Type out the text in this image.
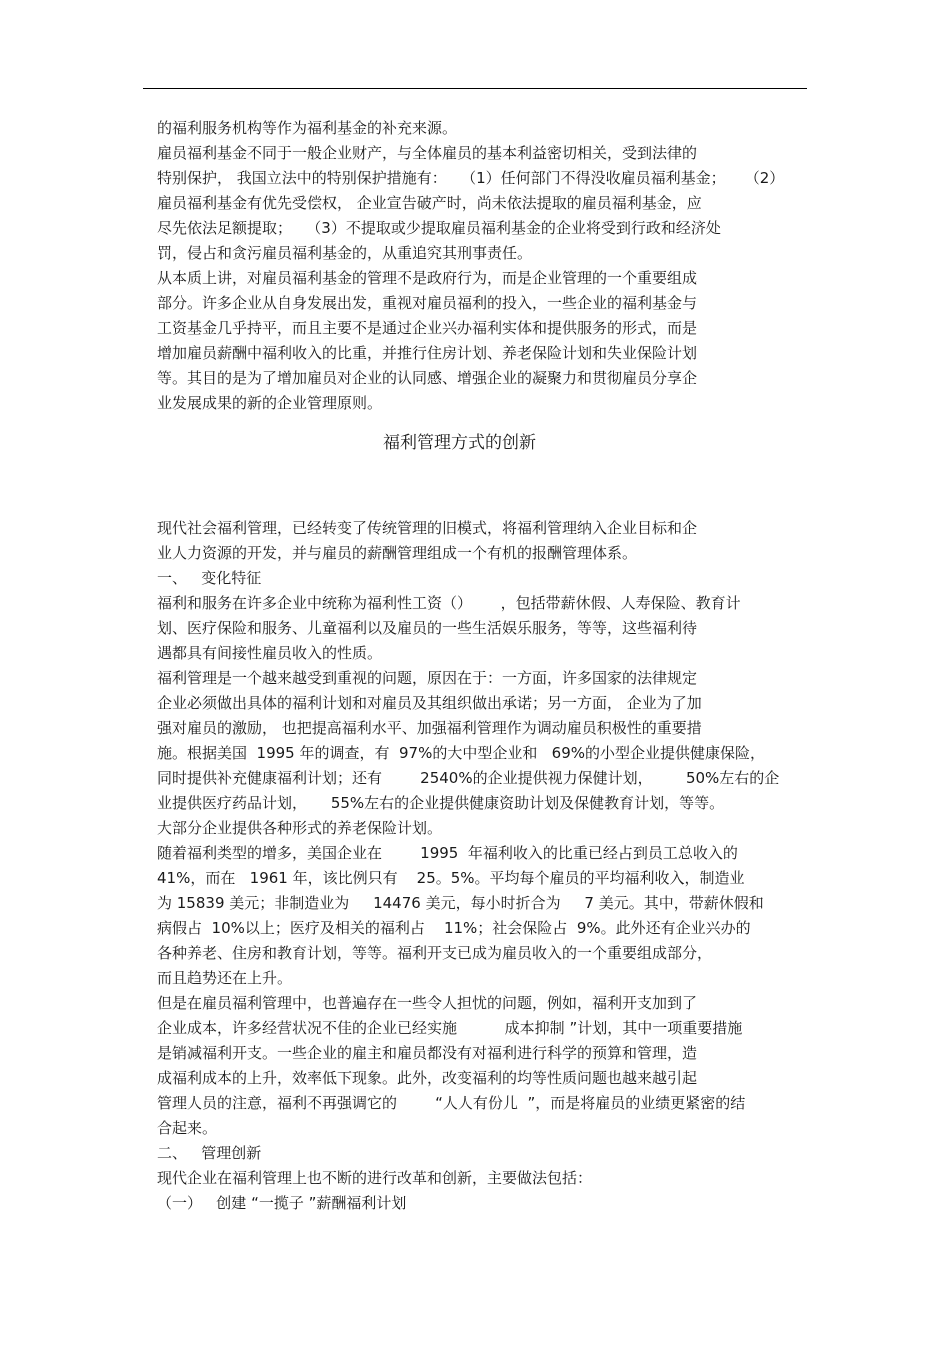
的福利服务机构等作为福利基金的补充来源。
雇员福利基金不同于一般企业财产，与全体雇员的基本利益密切相关，受到法律的
特别保护， 我国立法中的特别保护措施有：   （1）任何部门不得没收雇员福利基金；    （2）
雇员福利基金有优先受偿权， 企业宣告破产时，尚未依法提取的雇员福利基金，应
尽先依法足额提取；   （3）不提取或少提取雇员福利基金的企业将受到行政和经济处
罚，侵占和贪污雇员福利基金的，从重追究其刑事责任。
从本质上讲，对雇员福利基金的管理不是政府行为，而是企业管理的一个重要组成
部分。许多企业从自身发展出发，重视对雇员福利的投入，一些企业的福利基金与
工资基金几乎持平，而且主要不是通过企业兴办福利实体和提供服务的形式，而是
增加雇员薪酬中福利收入的比重，并推行住房计划、养老保险计划和失业保险计划
等。其目的是为了增加雇员对企业的认同感、增强企业的凝聚力和贯彻雇员分享企
业发展成果的新的企业管理原则。
福利管理方式的创新
现代社会福利管理，已经转变了传统管理的旧模式，将福利管理纳入企业目标和企
业人力资源的开发，并与雇员的薪酬管理组成一个有机的报酬管理体系。
一、   变化特征
福利和服务在许多企业中统称为福利性工资（）      ，包括带薪休假、人寿保险、教育计
划、医疗保险和服务、儿童福利以及雇员的一些生活娱乐服务，等等，这些福利待
遇都具有间接性雇员收入的性质。
福利管理是一个越来越受到重视的问题，原因在于：一方面，许多国家的法律规定
企业必须做出具体的福利计划和对雇员及其组织做出承诺；另一方面， 企业为了加
强对雇员的激励， 也把提高福利水平、加强福利管理作为调动雇员积极性的重要措
施。根据美国  1995 年的调查，有  97%的大中型企业和   69%的小型企业提供健康保险，
同时提供补充健康福利计划；还有        2540%的企业提供视力保健计划，       50%左右的企
业提供医疗药品计划，     55%左右的企业提供健康资助计划及保健教育计划，等等。
大部分企业提供各种形式的养老保险计划。
随着福利类型的增多，美国企业在        1995  年福利收入的比重已经占到员工总收入的
41%，而在   1961 年，该比例只有    25。5%。平均每个雇员的平均福利收入，制造业
为 15839 美元；非制造业为     14476 美元，每小时折合为     7 美元。其中，带薪休假和
病假占  10%以上；医疗及相关的福利占    11%；社会保险占  9%。此外还有企业兴办的
各种养老、住房和教育计划，等等。福利开支已成为雇员收入的一个重要组成部分，
而且趋势还在上升。
但是在雇员福利管理中，也普遍存在一些令人担忧的问题，例如，福利开支加到了
企业成本，许多经营状况不佳的企业已经实施          成本抑制 ”计划，其中一项重要措施
是销减福利开支。一些企业的雇主和雇员都没有对福利进行科学的预算和管理，造
成福利成本的上升，效率低下现象。此外，改变福利的均等性质问题也越来越引起
管理人员的注意，福利不再强调它的        “人人有份儿  ”，而是将雇员的业绩更紧密的结
合起来。
二、   管理创新
现代企业在福利管理上也不断的进行改革和创新，主要做法包括：
（一）   创建 “一揽子 ”薪酬福利计划
